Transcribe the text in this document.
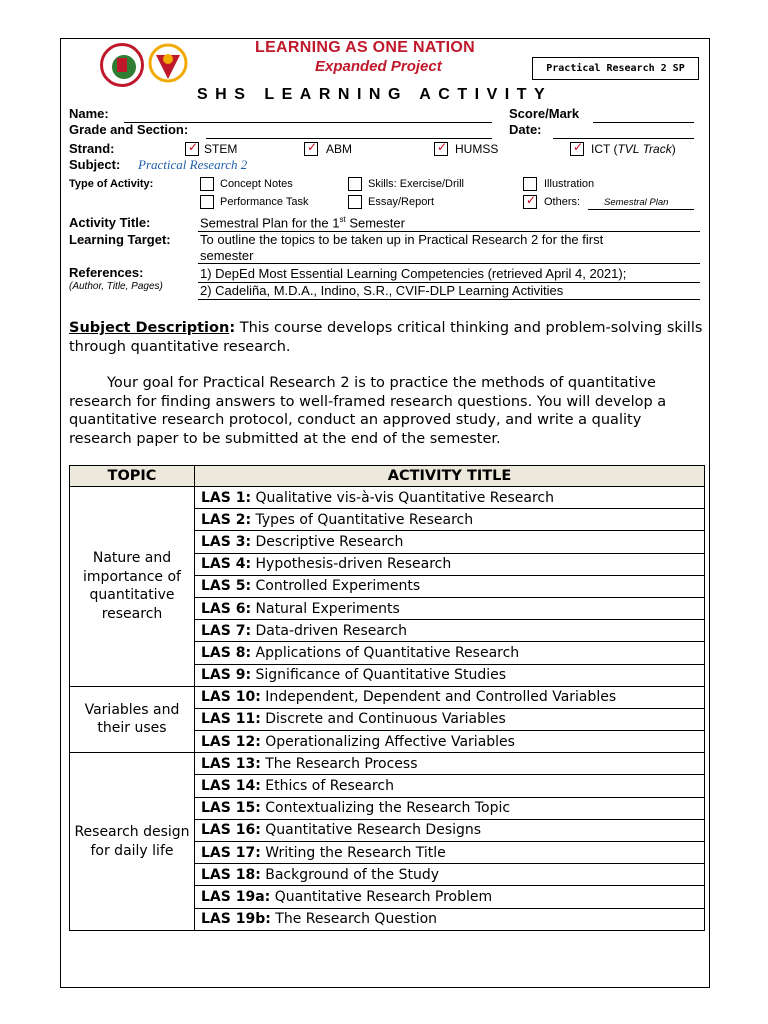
LEARNING AS ONE NATION
Expanded Project	Practical Research 2 SP
SHS LEARNING ACTIVITY
Name:	Score/Mark
Grade and Section:	Date:
Strand: ✓	STEM ✓	ABM ✓	HUMSS ✓	ICT (TVL Track)
Subject: Practical Research 2
Type of Activity:	Concept Notes	Skills: Exercise/Drill	Illustration
Performance Task	Essay/Report ✓	Others:	Semestral Plan
Activity Title:	Semestral Plan for the 1st Semester
Learning Target: To outline the topics to be taken up in Practical Research 2 for the first
semester
References:
(Author, Title, Pages)
1) DepEd Most Essential Learning Competencies (retrieved April 4, 2021);
2) Cadeliña, M.D.A., Indino, S.R., CVIF-DLP Learning Activities
Subject Description: This course develops critical thinking and problem-solving skills through quantitative research.
Your goal for Practical Research 2 is to practice the methods of quantitative research for finding answers to well-framed research questions. You will develop a quantitative research protocol, conduct an approved study, and write a quality research paper to be submitted at the end of the semester.
TOPIC	ACTIVITY TITLE
Nature and importance of quantitative research	LAS 1: Qualitative vis-à-vis Quantitative Research
	LAS 2: Types of Quantitative Research
	LAS 3: Descriptive Research
	LAS 4: Hypothesis-driven Research
	LAS 5: Controlled Experiments
	LAS 6: Natural Experiments
	LAS 7: Data-driven Research
	LAS 8: Applications of Quantitative Research
	LAS 9: Significance of Quantitative Studies
Variables and their uses	LAS 10: Independent, Dependent and Controlled Variables
	LAS 11: Discrete and Continuous Variables
	LAS 12: Operationalizing Affective Variables
Research design for daily life	LAS 13: The Research Process
	LAS 14: Ethics of Research
	LAS 15: Contextualizing the Research Topic
	LAS 16: Quantitative Research Designs
	LAS 17: Writing the Research Title
	LAS 18: Background of the Study
	LAS 19a: Quantitative Research Problem
	LAS 19b: The Research Question
